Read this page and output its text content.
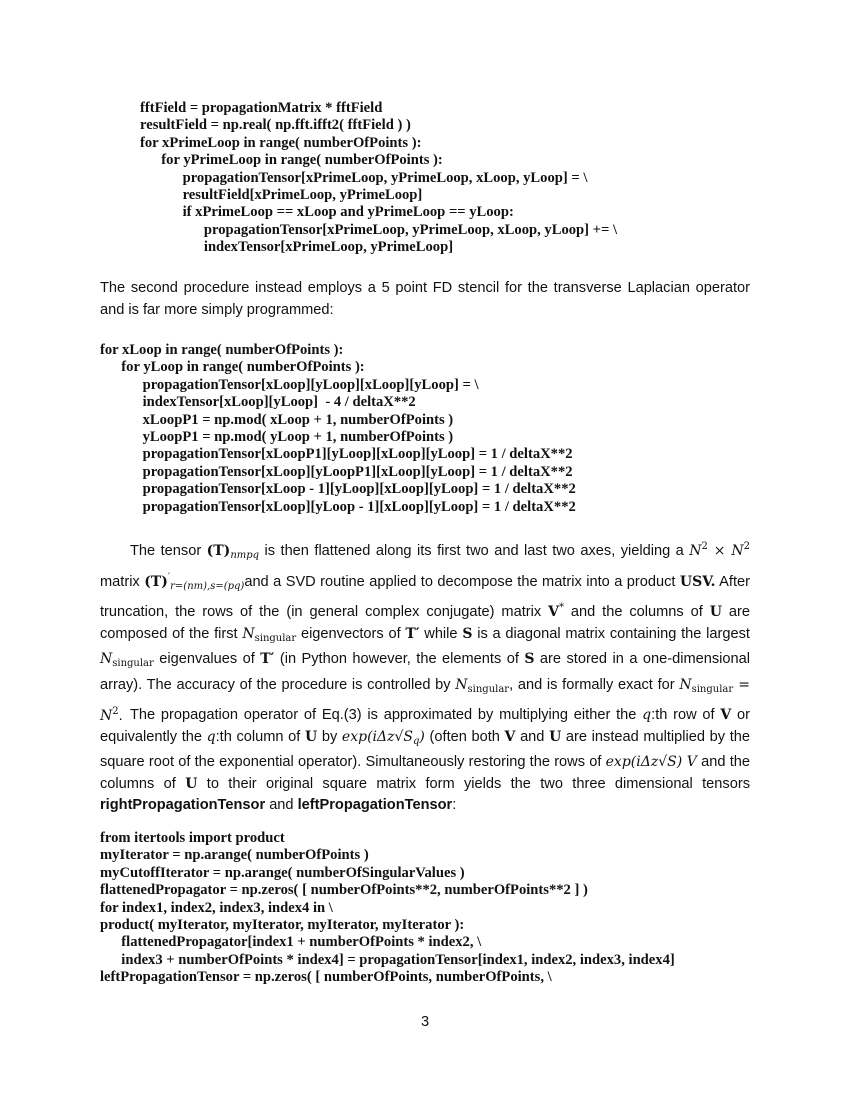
fftField = propagationMatrix * fftField
resultField = np.real( np.fft.ifft2( fftField ) )
for xPrimeLoop in range( numberOfPoints ):
for yPrimeLoop in range( numberOfPoints ):
propagationTensor[xPrimeLoop, yPrimeLoop, xLoop, yLoop] = \
resultField[xPrimeLoop, yPrimeLoop]
if xPrimeLoop == xLoop and yPrimeLoop == yLoop:
propagationTensor[xPrimeLoop, yPrimeLoop, xLoop, yLoop] += \
indexTensor[xPrimeLoop, yPrimeLoop]

The second procedure instead employs a 5 point FD stencil for the transverse Laplacian operator and is far more simply programmed:

for xLoop in range( numberOfPoints ):
for yLoop in range( numberOfPoints ):
propagationTensor[xLoop][yLoop][xLoop][yLoop] = \
indexTensor[xLoop][yLoop]  - 4 / deltaX**2
xLoopP1 = np.mod( xLoop + 1, numberOfPoints )
yLoopP1 = np.mod( yLoop + 1, numberOfPoints )
propagationTensor[xLoopP1][yLoop][xLoop][yLoop] = 1 / deltaX**2
propagationTensor[xLoop][yLoopP1][xLoop][yLoop] = 1 / deltaX**2
propagationTensor[xLoop - 1][yLoop][xLoop][yLoop] = 1 / deltaX**2
propagationTensor[xLoop][yLoop - 1][xLoop][yLoop] = 1 / deltaX**2

The tensor $(T)_{nmpq}$ is then flattened along its first two and last two axes, yielding a $N^2 \times N^2$ matrix $(T)'_{r=(nm),s=(pq)}and$ a SVD routine applied to decompose the matrix into a product USV. After truncation, the rows of the (in general complex conjugate) matrix V* and the columns of U are composed of the first $N_{singular}$ eigenvectors of T′ while S is a diagonal matrix containing the largest $N_{singular}$ eigenvalues of T′ (in Python however, the elements of S are stored in a one-dimensional array). The accuracy of the procedure is controlled by $N_{singular}$, and is formally exact for $N_{singular} = N^2$. The propagation operator of Eq.(3) is approximated by multiplying either the q:th row of V or equivalently the q:th column of U by $\exp(i\Delta z√S_q)$ (often both V and U are instead multiplied by the square root of the exponential operator). Simultaneously restoring the rows of exp(iΔz√S) V and the columns of U to their original square matrix form yields the two three dimensional tensors rightPropagationTensor and leftPropagationTensor:

from itertools import product
myIterator = np.arange( numberOfPoints )
myCutoffIterator = np.arange( numberOfSingularValues )
flattenedPropagator = np.zeros( [ numberOfPoints**2, numberOfPoints**2 ] )
for index1, index2, index3, index4 in \
product( myIterator, myIterator, myIterator, myIterator ):
flattenedPropagator[index1 + numberOfPoints * index2, \
index3 + numberOfPoints * index4] = propagationTensor[index1, index2, index3, index4]
leftPropagationTensor = np.zeros( [ numberOfPoints, numberOfPoints, \
3
